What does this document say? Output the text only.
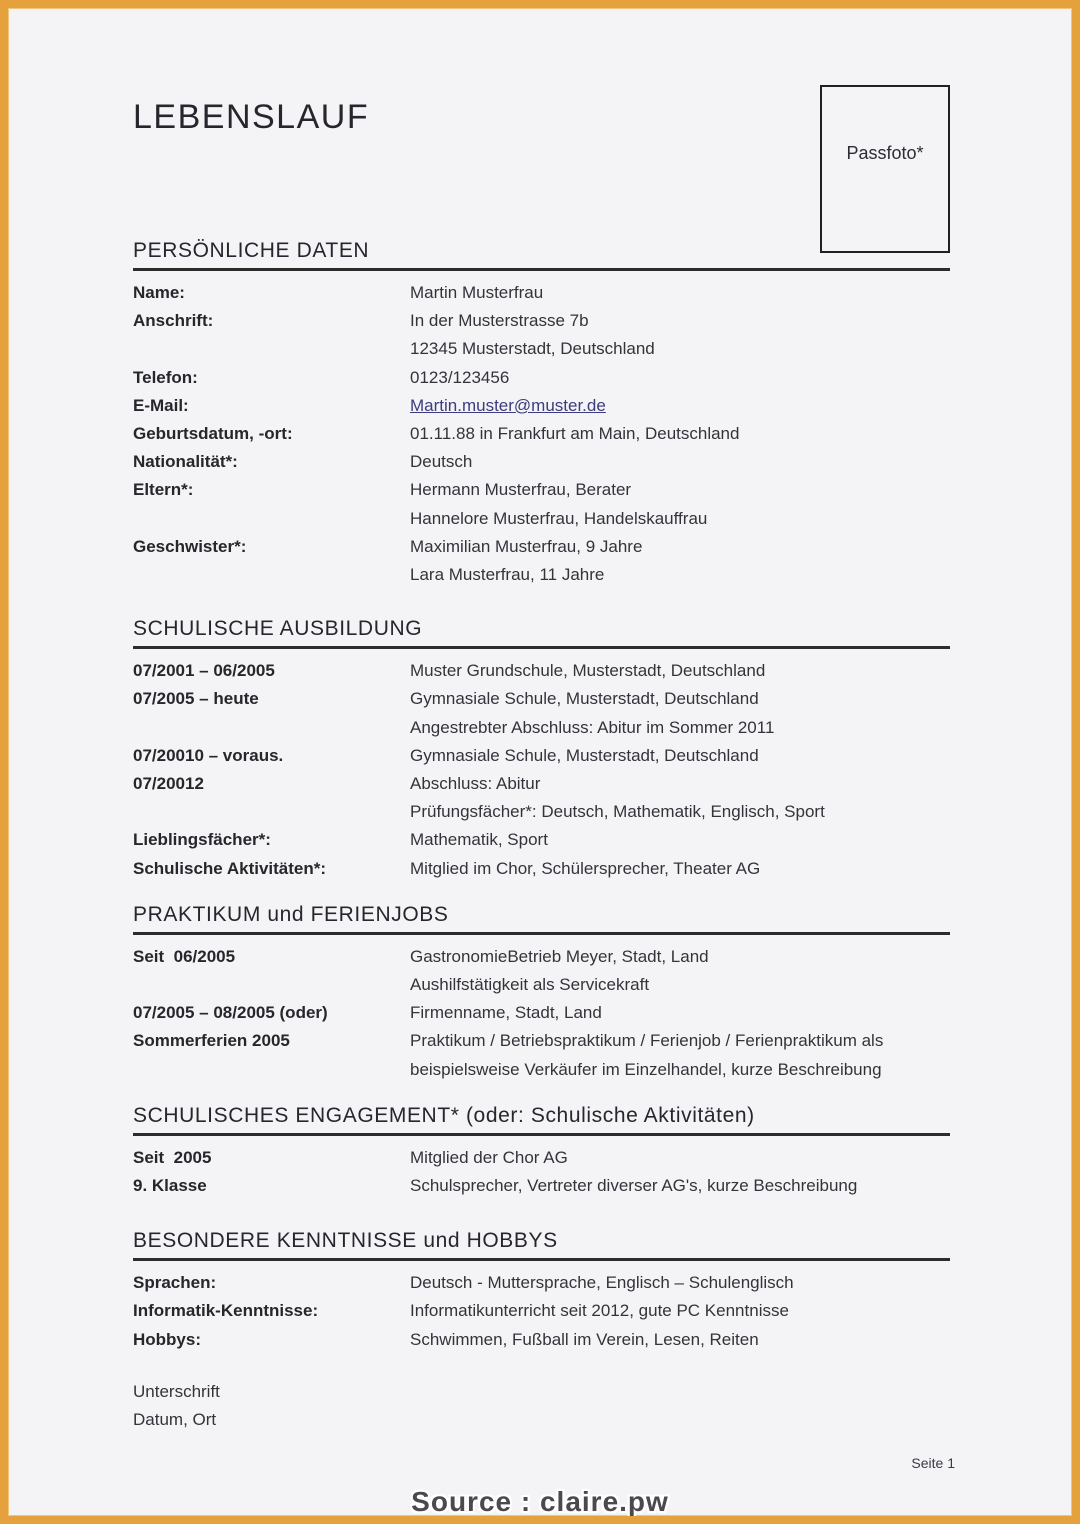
Passfoto*
LEBENSLAUF
PERSÖNLICHE DATEN
Name:	Martin Musterfrau
Anschrift:	In der Musterstrasse 7b
12345 Musterstadt, Deutschland
Telefon:	0123/123456
E-Mail:	Martin.muster@muster.de
Geburtsdatum, -ort:	01.11.88 in Frankfurt am Main, Deutschland
Nationalität*:	Deutsch
Eltern*:	Hermann Musterfrau, Berater
Hannelore Musterfrau, Handelskauffrau
Geschwister*:	Maximilian Musterfrau, 9 Jahre
Lara Musterfrau, 11 Jahre
SCHULISCHE AUSBILDUNG
07/2001 – 06/2005	Muster Grundschule, Musterstadt, Deutschland
07/2005 – heute	Gymnasiale Schule, Musterstadt, Deutschland
Angestrebter Abschluss: Abitur im Sommer 2011
07/20010 – voraus.	Gymnasiale Schule, Musterstadt, Deutschland
07/20012	Abschluss: Abitur
Prüfungsfächer*: Deutsch, Mathematik, Englisch, Sport
Lieblingsfächer*:	Mathematik, Sport
Schulische Aktivitäten*:	Mitglied im Chor, Schülersprecher, Theater AG
PRAKTIKUM und FERIENJOBS
Seit  06/2005	GastronomieBetrieb Meyer, Stadt, Land
Aushilfstätigkeit als Servicekraft
07/2005 – 08/2005 (oder)	Firmenname, Stadt, Land
Sommerferien 2005	Praktikum / Betriebspraktikum / Ferienjob / Ferienpraktikum als
beispielsweise Verkäufer im Einzelhandel, kurze Beschreibung
SCHULISCHES ENGAGEMENT* (oder: Schulische Aktivitäten)
Seit  2005	Mitglied der Chor AG
9. Klasse	Schulsprecher, Vertreter diverser AG's, kurze Beschreibung
BESONDERE KENNTNISSE und HOBBYS
Sprachen:	Deutsch - Muttersprache, Englisch – Schulenglisch
Informatik-Kenntnisse:	Informatikunterricht seit 2012, gute PC Kenntnisse
Hobbys:	Schwimmen, Fußball im Verein, Lesen, Reiten
Unterschrift
Datum, Ort
Seite 1
Source : claire.pw
